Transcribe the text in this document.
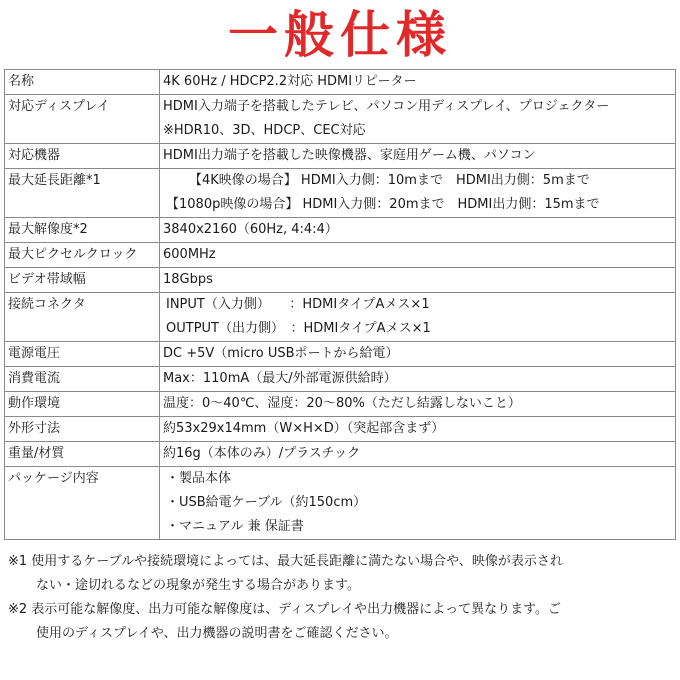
一般仕様
名称	4K 60Hz / HDCP2.2対応 HDMIリピーター

対応ディスプレイ	HDMI入力端子を搭載したテレビ、パソコン用ディスプレイ、プロジェクター
※HDR10、3D、HDCP、CEC対応

対応機器	HDMI出力端子を搭載した映像機器、家庭用ゲーム機、パソコン

最大延長距離*1	【4K映像の場合】 HDMI入力側：10mまで　HDMI出力側：5mまで
【1080p映像の場合】 HDMI入力側：20mまで　HDMI出力側：15mまで

最大解像度*2	3840x2160（60Hz, 4:4:4）

最大ピクセルクロック	600MHz

ビデオ帯域幅	18Gbps

接続コネクタ	INPUT（入力側）　　：HDMIタイプAメス×1
OUTPUT（出力側）　：HDMIタイプAメス×1

電源電圧	DC +5V（micro USBポートから給電）

消費電流	Max：110mA（最大/外部電源供給時）

動作環境	温度：0～40℃、湿度：20～80%（ただし結露しないこと）

外形寸法	約53x29x14mm（W×H×D）（突起部含まず）

重量/材質	約16g（本体のみ）/プラスチック

パッケージ内容	・製品本体
・USB給電ケーブル（約150cm）
・マニュアル 兼 保証書
※1 使用するケーブルや接続環境によっては、最大延長距離に満たない場合や、映像が表示され
ない・途切れるなどの現象が発生する場合があります。
※2 表示可能な解像度、出力可能な解像度は、ディスプレイや出力機器によって異なります。ご
使用のディスプレイや、出力機器の説明書をご確認ください。
